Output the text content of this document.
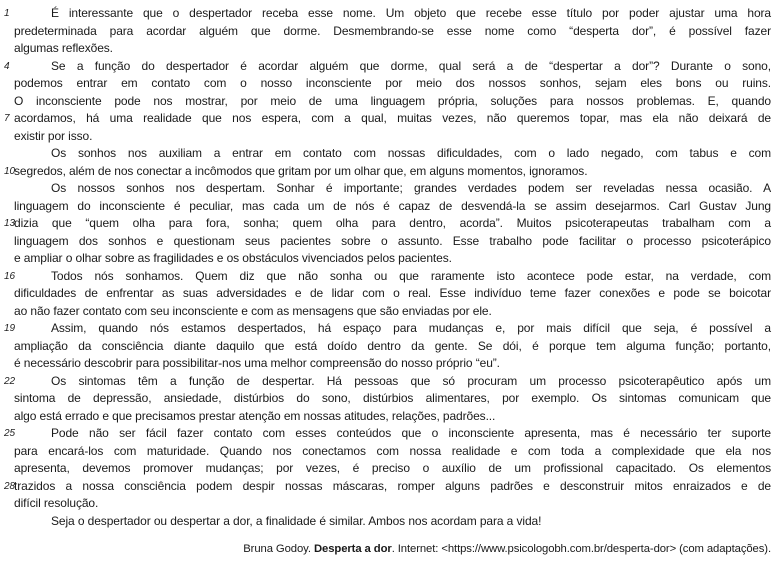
1	É interessante que o despertador receba esse nome. Um objeto que recebe esse título por poder ajustar uma hora
predeterminada para acordar alguém que dorme. Desmembrando-se esse nome como “desperta dor”, é possível fazer
algumas reflexões.
4	Se a função do despertador é acordar alguém que dorme, qual será a de “despertar a dor”? Durante o sono,
podemos entrar em contato com o nosso inconsciente por meio dos nossos sonhos, sejam eles bons ou ruins.
O inconsciente pode nos mostrar, por meio de uma linguagem própria, soluções para nossos problemas. E, quando
7 acordamos, há uma realidade que nos espera, com a qual, muitas vezes, não queremos topar, mas ela não deixará de
existir por isso.
Os sonhos nos auxiliam a entrar em contato com nossas dificuldades, com o lado negado, com tabus e com
10
segredos, além de nos conectar a incômodos que gritam por um olhar que, em alguns momentos, ignoramos.
Os nossos sonhos nos despertam. Sonhar é importante; grandes verdades podem ser reveladas nessa ocasião. A
linguagem do inconsciente é peculiar, mas cada um de nós é capaz de desvendá-la se assim desejarmos. Carl Gustav Jung
13
dizia que “quem olha para fora, sonha; quem olha para dentro, acorda”. Muitos psicoterapeutas trabalham com a
linguagem dos sonhos e questionam seus pacientes sobre o assunto. Esse trabalho pode facilitar o processo psicoterápico
e ampliar o olhar sobre as fragilidades e os obstáculos vivenciados pelos pacientes.
16	Todos nós sonhamos. Quem diz que não sonha ou que raramente isto acontece pode estar, na verdade, com
dificuldades de enfrentar as suas adversidades e de lidar com o real. Esse indivíduo teme fazer conexões e pode se boicotar
ao não fazer contato com seu inconsciente e com as mensagens que são enviadas por ele.
19	Assim, quando nós estamos despertados, há espaço para mudanças e, por mais difícil que seja, é possível a
ampliação da consciência diante daquilo que está doído dentro da gente. Se dói, é porque tem alguma função; portanto,
é necessário descobrir para possibilitar-nos uma melhor compreensão do nosso próprio “eu”.
22	Os sintomas têm a função de despertar. Há pessoas que só procuram um processo psicoterapêutico após um
sintoma de depressão, ansiedade, distúrbios do sono, distúrbios alimentares, por exemplo. Os sintomas comunicam que
algo está errado e que precisamos prestar atenção em nossas atitudes, relações, padrões...
25	Pode não ser fácil fazer contato com esses conteúdos que o inconsciente apresenta, mas é necessário ter suporte
para encará-los com maturidade. Quando nos conectamos com nossa realidade e com toda a complexidade que ela nos
apresenta, devemos promover mudanças; por vezes, é preciso o auxílio de um profissional capacitado. Os elementos
28
trazidos a nossa consciência podem despir nossas máscaras, romper alguns padrões e desconstruir mitos enraizados e de
difícil resolução.
Seja o despertador ou despertar a dor, a finalidade é similar. Ambos nos acordam para a vida!
Bruna Godoy. Desperta a dor. Internet: <https://www.psicologobh.com.br/desperta-dor> (com adaptações).
